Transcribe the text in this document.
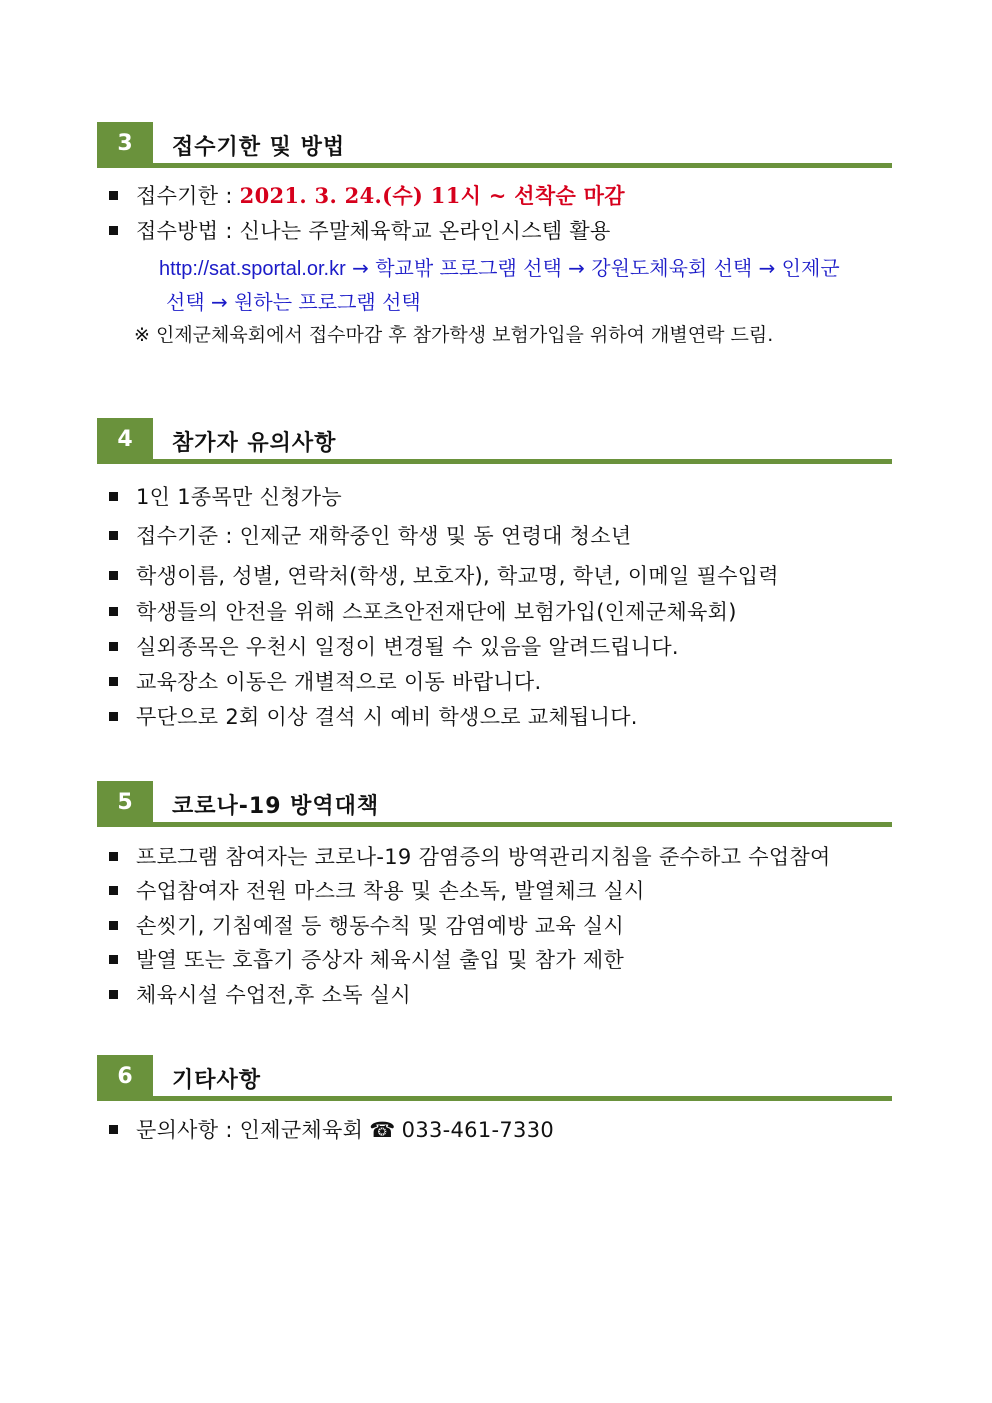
3	접수기한 및 방법
접수기한 : 2021. 3. 24.(수) 11시 ~ 선착순 마감
접수방법 : 신나는 주말체육학교 온라인시스템 활용
http://sat.sportal.or.kr → 학교밖 프로그램 선택 → 강원도체육회 선택 → 인제군
선택 → 원하는 프로그램 선택
※ 인제군체육회에서 접수마감 후 참가학생 보험가입을 위하여 개별연락 드림.
4	참가자 유의사항
1인 1종목만 신청가능
접수기준 : 인제군 재학중인 학생 및 동 연령대 청소년
학생이름, 성별, 연락처(학생, 보호자), 학교명, 학년, 이메일 필수입력
학생들의 안전을 위해 스포츠안전재단에 보험가입(인제군체육회)
실외종목은 우천시 일정이 변경될 수 있음을 알려드립니다.
교육장소 이동은 개별적으로 이동 바랍니다.
무단으로 2회 이상 결석 시 예비 학생으로 교체됩니다.
5	코로나-19 방역대책
프로그램 참여자는 코로나-19 감염증의 방역관리지침을 준수하고 수업참여
수업참여자 전원 마스크 착용 및 손소독, 발열체크 실시
손씻기, 기침예절 등 행동수칙 및 감염예방 교육 실시
발열 또는 호흡기 증상자 체육시설 출입 및 참가 제한
체육시설 수업전,후 소독 실시
6	기타사항
문의사항 : 인제군체육회 ☎ 033-461-7330
